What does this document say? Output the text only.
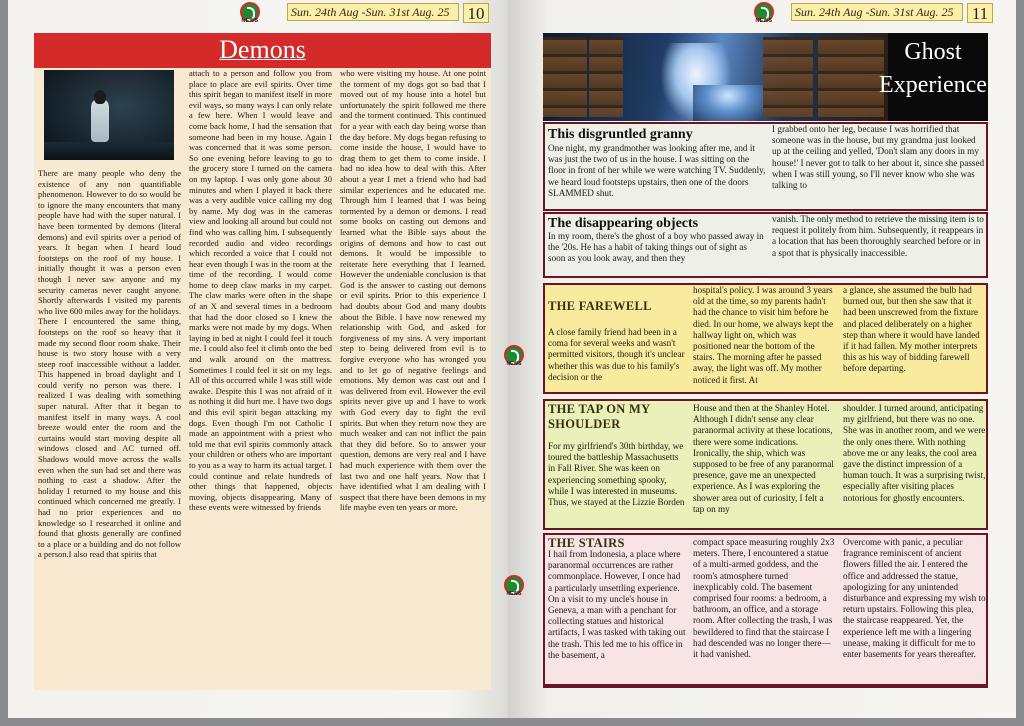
NEWS
Sun. 24th Aug -Sun. 31st Aug. 25	10
Demons
There are many people who deny the existence of any non quantifiable phenomenon. However to do so would be to ignore the many encounters that many people have had with the super natural. I have been tormented by demons (literal demons) and evil spirits over a period of years. It began when I heard loud footsteps on the roof of my house. I initially thought it was a person even though I never saw anyone and my security cameras never caught anyone. Shortly afterwards I visited my parents who live 600 miles away for the holidays. There I encountered the same thing, footsteps on the roof so heavy that it made my second floor room shake. Their house is two story house with a very steep roof inaccessible without a ladder. This happened in broad daylight and I could verify no person was there. I realized I was dealing with something super natural. After that it began to manifest itself in many ways. A cool breeze would enter the room and the curtains would start moving despite all windows closed and AC turned off. Shadows would move across the walls even when the sun had set and there was nothing to cast a shadow. After the holiday I returned to my house and this continued which concerned me greatly. I had no prior experiences and no knowledge so I researched it online and found that ghosts generally are confined to a place or a building and do not follow a person.I also read that spirits that
attach to a person and follow you from place to place are evil spirits. Over time this spirit began to manifest itself in more evil ways, so many ways I can only relate a few here. When I would leave and come back home, I had the sensation that someone had been in my house. Again I was concerned that it was some person. So one evening before leaving to go to the grocery store I turned on the camera on my laptop. I was only gone about 30 minutes and when I played it back there was a very audible voice calling my dog by name. My dog was in the cameras view and looking all around but could not find who was calling him. I subsequently recorded audio and video recordings which recorded a voice that I could not hear even though I was in the room at the time of the recording. I would come home to deep claw marks in my carpet. The claw marks were often in the shape of an X and several times in a bedroom that had the door closed so I knew the marks were not made by my dogs. When laying in bed at night I could feel it touch me. I could also feel it climb onto the bed and walk around on the mattress. Sometimes I could feel it sit on my legs. All of this occurred while I was still wide awake. Despite this I was not afraid of it as nothing it did hurt me. I have two dogs and this evil spirit began attacking my dogs. Even though I'm not Catholic I made an appointment with a priest who told me that evil spirits commonly attack your children or others who are important to you as a way to harm its actual target. I could continue and relate hundreds of other things that happened, objects moving, objects disappearing. Many of these events were witnessed by friends
who were visiting my house. At one point the torment of my dogs got so bad that I moved out of my house into a hotel but unfortunately the spirit followed me there and the torment continued. This continued for a year with each day being worse than the day before. My dogs began refusing to come inside the house, I would have to drag them to get them to come inside. I had no idea how to deal with this. After about a year I met a friend who had had similar experiences and he educated me. Through him I learned that I was being tormented by a demon or demons. I read some books on casting out demons and learned what the Bible says about the origins of demons and how to cast out demons. It would be impossible to reiterate here everything that I learned. However the undeniable conclusion is that God is the answer to casting out demons or evil spirits. Prior to this experience I had doubts about God and many doubts about the Bible. I have now renewed my relationship with God, and asked for forgiveness of my sins. A very important step to being delivered from evil is to forgive everyone who has wronged you and to let go of negative feelings and emotions. My demon was cast out and I was delivered from evil. However the evil spirits never give up and I have to work with God every day to fight the evil spirits. But when they return now they are much weaker and can not inflict the pain that they did before. So to answer your question, demons are very real and I have had much experience with them over the last two and one half years. Now that I have identified what I am dealing with I suspect that there have been demons in my life maybe even ten years or more.
NEWS
Sun. 24th Aug -Sun. 31st Aug. 25	11
Ghost
Experience
This disgruntled granny
One night, my grandmother was looking after me, and it was just the two of us in the house. I was sitting on the floor in front of her while we were watching TV. Suddenly, we heard loud footsteps upstairs, then one of the doors SLAMMED shut.
I grabbed onto her leg, because I was horrified that someone was in the house, but my grandma just looked up at the ceiling and yelled, 'Don't slam any doors in my house!' I never got to talk to her about it, since she passed when I was still young, so I'll never know who she was talking to
The disappearing objects
In my room, there's the ghost of a boy who passed away in the '20s. He has a habit of taking things out of sight as soon as you look away, and then they
vanish. The only method to retrieve the missing item is to request it politely from him. Subsequently, it reappears in a location that has been thoroughly searched before or in a spot that is physically inaccessible.
THE FAREWELL
A close family friend had been in a coma for several weeks and wasn't permitted visitors, though it's unclear whether this was due to his family's decision or the
hospital's policy. I was around 3 years old at the time, so my parents hadn't had the chance to visit him before he died. In our home, we always kept the hallway light on, which was positioned near the bottom of the stairs. The morning after he passed away, the light was off. My mother noticed it first. At
a glance, she assumed the bulb had burned out, but then she saw that it had been unscrewed from the fixture and placed deliberately on a higher step than where it would have landed if it had fallen. My mother interprets this as his way of bidding farewell before departing.
THE TAP ON MY SHOULDER
For my girlfriend's 30th birthday, we toured the battleship Massachusetts in Fall River. She was keen on experiencing something spooky, while I was interested in museums. Thus, we stayed at the Lizzie Borden
House and then at the Shanley Hotel. Although I didn't sense any clear paranormal activity at these locations, there were some indications. Ironically, the ship, which was supposed to be free of any paranormal presence, gave me an unexpected experience. As I was exploring the shower area out of curiosity, I felt a tap on my
shoulder. I turned around, anticipating my girlfriend, but there was no one. She was in another room, and we were the only ones there. With nothing above me or any leaks, the cool area gave the distinct impression of a human touch. It was a surprising twist, especially after visiting places notorious for ghostly encounters.
THE STAIRS
I hail from Indonesia, a place where paranormal occurrences are rather commonplace. However, I once had a particularly unsettling experience. On a visit to my uncle's house in Geneva, a man with a penchant for collecting statues and historical artifacts, I was tasked with taking out the trash. This led me to his office in the basement, a
compact space measuring roughly 2x3 meters. There, I encountered a statue of a multi-armed goddess, and the room's atmosphere turned inexplicably cold. The basement comprised four rooms: a bedroom, a bathroom, an office, and a storage room. After collecting the trash, I was bewildered to find that the staircase I had descended was no longer there—it had vanished.
Overcome with panic, a peculiar fragrance reminiscent of ancient flowers filled the air. I entered the office and addressed the statue, apologizing for any unintended disturbance and expressing my wish to return upstairs. Following this plea, the staircase reappeared. Yet, the experience left me with a lingering unease, making it difficult for me to enter basements for years thereafter.
NEWS
NEWS
